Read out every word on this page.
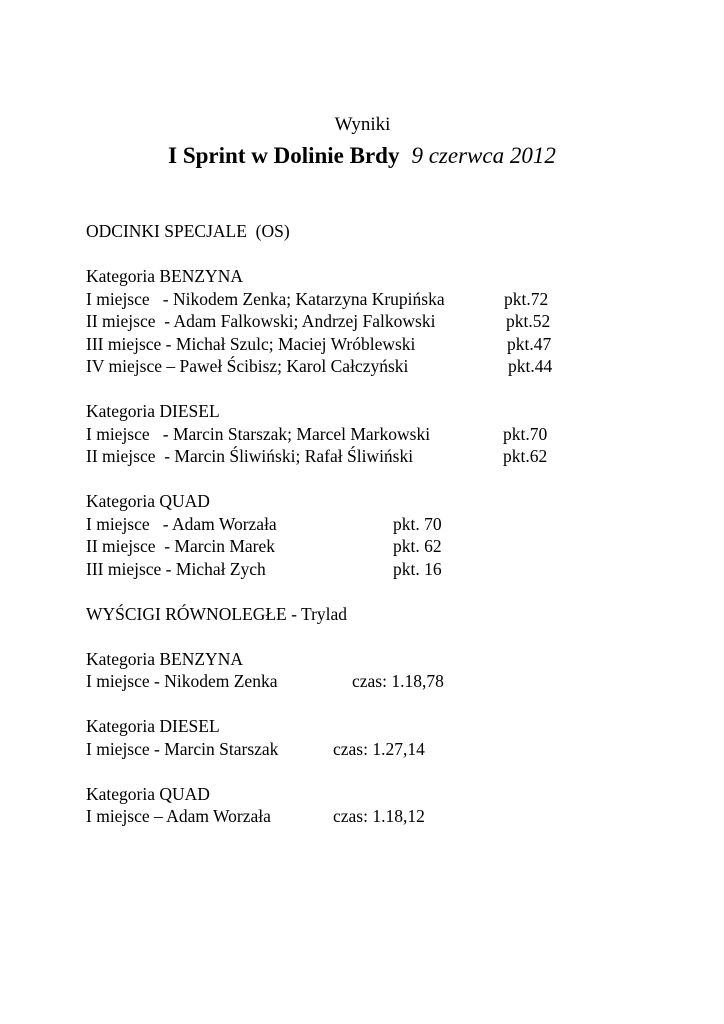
Wyniki
I Sprint w Dolinie Brdy 9 czerwca 2012
ODCINKI SPECJALE  (OS)
Kategoria BENZYNA
I miejsce   - Nikodem Zenka; Katarzyna Krupińska	pkt.72
II miejsce  - Adam Falkowski; Andrzej Falkowski	pkt.52
III miejsce - Michał Szulc; Maciej Wróblewski	pkt.47
IV miejsce – Paweł Ścibisz; Karol Całczyński	pkt.44
Kategoria DIESEL
I miejsce   - Marcin Starszak; Marcel Markowski	pkt.70
II miejsce  - Marcin Śliwiński; Rafał Śliwiński	pkt.62
Kategoria QUAD
I miejsce   - Adam Worzała	pkt. 70
II miejsce  - Marcin Marek	pkt. 62
III miejsce - Michał Zych	pkt. 16
WYŚCIGI RÓWNOLEGŁE - Trylad
Kategoria BENZYNA
I miejsce - Nikodem Zenka	czas: 1.18,78
Kategoria DIESEL
I miejsce - Marcin Starszak	czas: 1.27,14
Kategoria QUAD
I miejsce – Adam Worzała	czas: 1.18,12
